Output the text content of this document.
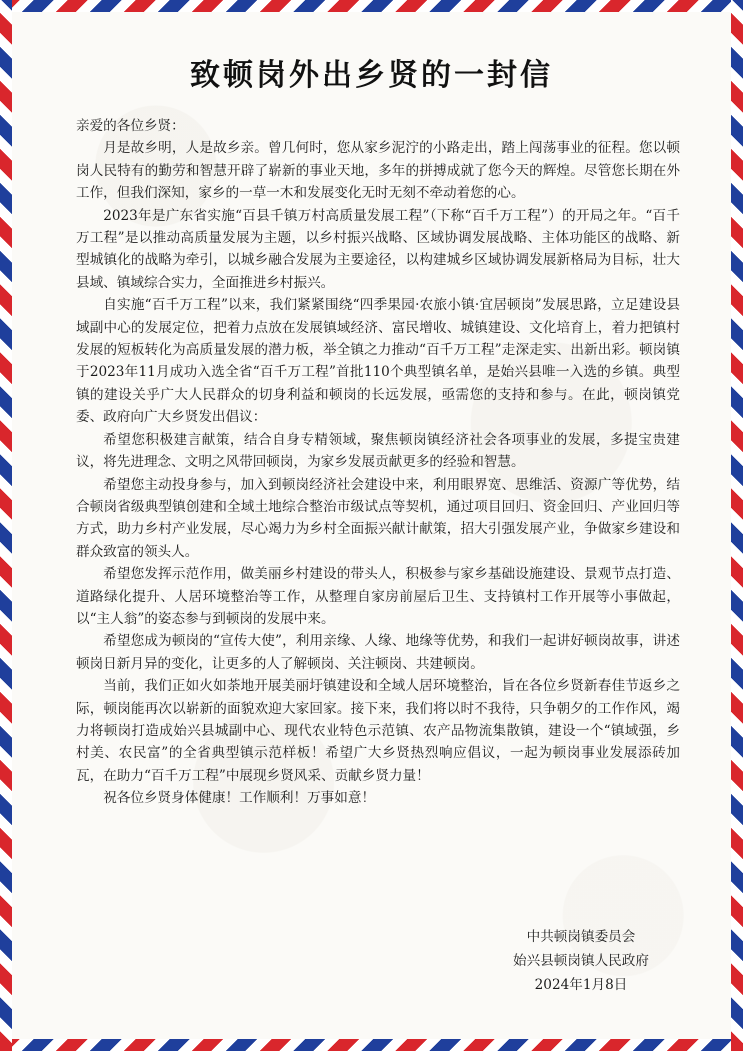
致顿岗外出乡贤的一封信

亲爱的各位乡贤：

月是故乡明，人是故乡亲。曾几何时，您从家乡泥泞的小路走出，踏上闯荡事业的征程。您以顿岗人民特有的勤劳和智慧开辟了崭新的事业天地，多年的拼搏成就了您今天的辉煌。尽管您长期在外工作，但我们深知，家乡的一草一木和发展变化无时无刻不牵动着您的心。

2023年是广东省实施“百县千镇万村高质量发展工程”（下称“百千万工程”）的开局之年。“百千万工程”是以推动高质量发展为主题，以乡村振兴战略、区域协调发展战略、主体功能区的战略、新型城镇化的战略为牵引，以城乡融合发展为主要途径，以构建城乡区域协调发展新格局为目标，壮大县域、镇域综合实力，全面推进乡村振兴。

自实施“百千万工程”以来，我们紧紧围绕“四季果园·农旅小镇·宜居顿岗”发展思路，立足建设县域副中心的发展定位，把着力点放在发展镇域经济、富民增收、城镇建设、文化培育上，着力把镇村发展的短板转化为高质量发展的潜力板，举全镇之力推动“百千万工程”走深走实、出新出彩。顿岗镇于2023年11月成功入选全省“百千万工程”首批110个典型镇名单，是始兴县唯一入选的乡镇。典型镇的建设关乎广大人民群众的切身利益和顿岗的长远发展，亟需您的支持和参与。在此，顿岗镇党委、政府向广大乡贤发出倡议：

希望您积极建言献策，结合自身专精领域，聚焦顿岗镇经济社会各项事业的发展，多提宝贵建议，将先进理念、文明之风带回顿岗，为家乡发展贡献更多的经验和智慧。

希望您主动投身参与，加入到顿岗经济社会建设中来，利用眼界宽、思维活、资源广等优势，结合顿岗省级典型镇创建和全域土地综合整治市级试点等契机，通过项目回归、资金回归、产业回归等方式，助力乡村产业发展，尽心竭力为乡村全面振兴献计献策，招大引强发展产业，争做家乡建设和群众致富的领头人。

希望您发挥示范作用，做美丽乡村建设的带头人，积极参与家乡基础设施建设、景观节点打造、道路绿化提升、人居环境整治等工作，从整理自家房前屋后卫生、支持镇村工作开展等小事做起，以“主人翁”的姿态参与到顿岗的发展中来。

希望您成为顿岗的“宣传大使”，利用亲缘、人缘、地缘等优势，和我们一起讲好顿岗故事，讲述顿岗日新月异的变化，让更多的人了解顿岗、关注顿岗、共建顿岗。

当前，我们正如火如荼地开展美丽圩镇建设和全域人居环境整治，旨在各位乡贤新春佳节返乡之际，顿岗能再次以崭新的面貌欢迎大家回家。接下来，我们将以时不我待，只争朝夕的工作作风，竭力将顿岗打造成始兴县城副中心、现代农业特色示范镇、农产品物流集散镇，建设一个“镇域强，乡村美、农民富”的全省典型镇示范样板！希望广大乡贤热烈响应倡议，一起为顿岗事业发展添砖加瓦，在助力“百千万工程”中展现乡贤风采、贡献乡贤力量！

祝各位乡贤身体健康！工作顺利！万事如意！

中共顿岗镇委员会
始兴县顿岗镇人民政府
2024年1月8日
